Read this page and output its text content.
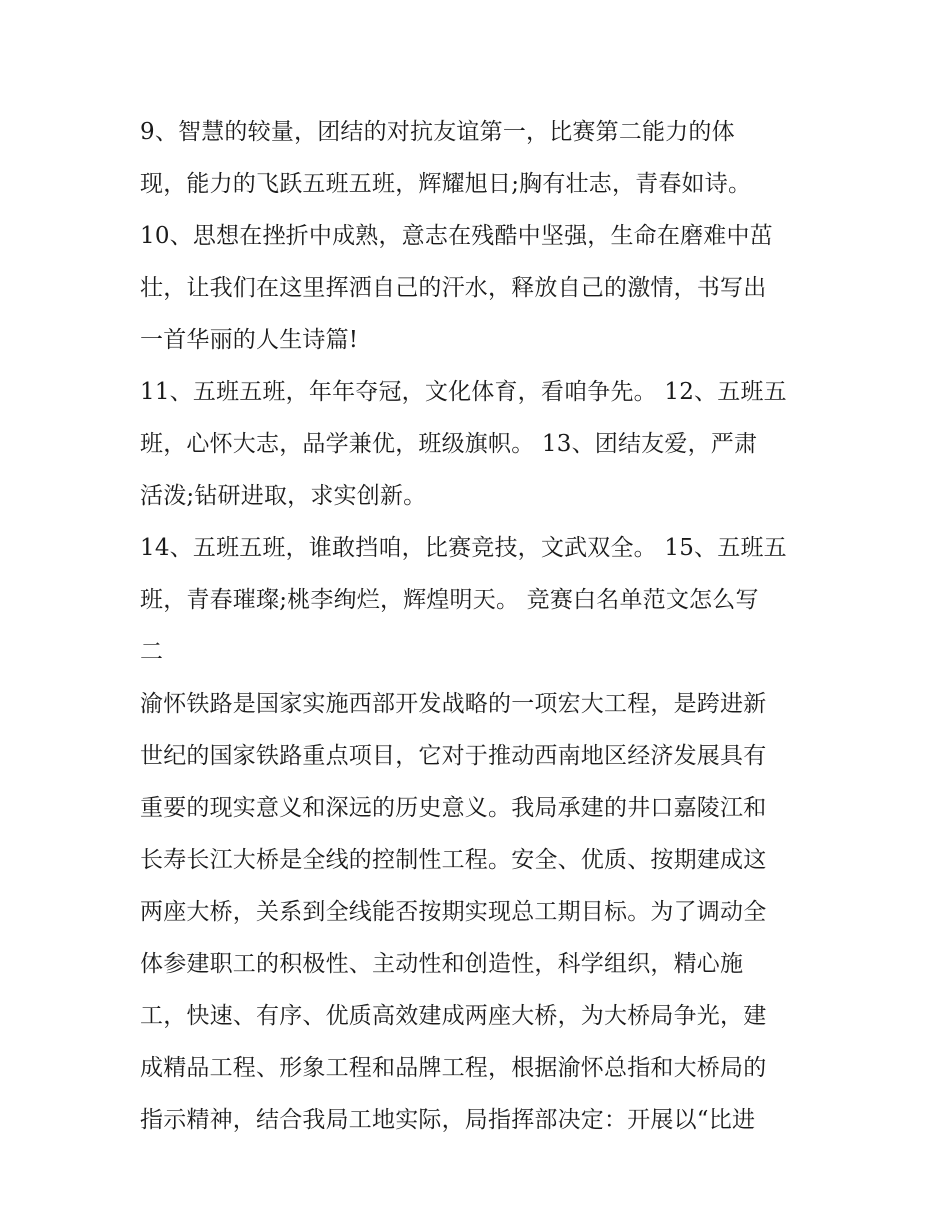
9、智慧的较量，团结的对抗友谊第一，比赛第二能力的体
现，能力的飞跃五班五班，辉耀旭日;胸有壮志，青春如诗。
10、思想在挫折中成熟，意志在残酷中坚强，生命在磨难中茁
壮，让我们在这里挥洒自己的汗水，释放自己的激情，书写出
一首华丽的人生诗篇!
11、五班五班，年年夺冠，文化体育，看咱争先。 12、五班五
班，心怀大志，品学兼优，班级旗帜。 13、团结友爱，严肃
活泼;钻研进取，求实创新。
14、五班五班，谁敢挡咱，比赛竞技，文武双全。 15、五班五
班，青春璀璨;桃李绚烂，辉煌明天。 竞赛白名单范文怎么写
二
渝怀铁路是国家实施西部开发战略的一项宏大工程，是跨进新
世纪的国家铁路重点项目，它对于推动西南地区经济发展具有
重要的现实意义和深远的历史意义。我局承建的井口嘉陵江和
长寿长江大桥是全线的控制性工程。安全、优质、按期建成这
两座大桥，关系到全线能否按期实现总工期目标。为了调动全
体参建职工的积极性、主动性和创造性，科学组织，精心施
工，快速、有序、优质高效建成两座大桥，为大桥局争光，建
成精品工程、形象工程和品牌工程，根据渝怀总指和大桥局的
指示精神，结合我局工地实际，局指挥部决定：开展以“比进
